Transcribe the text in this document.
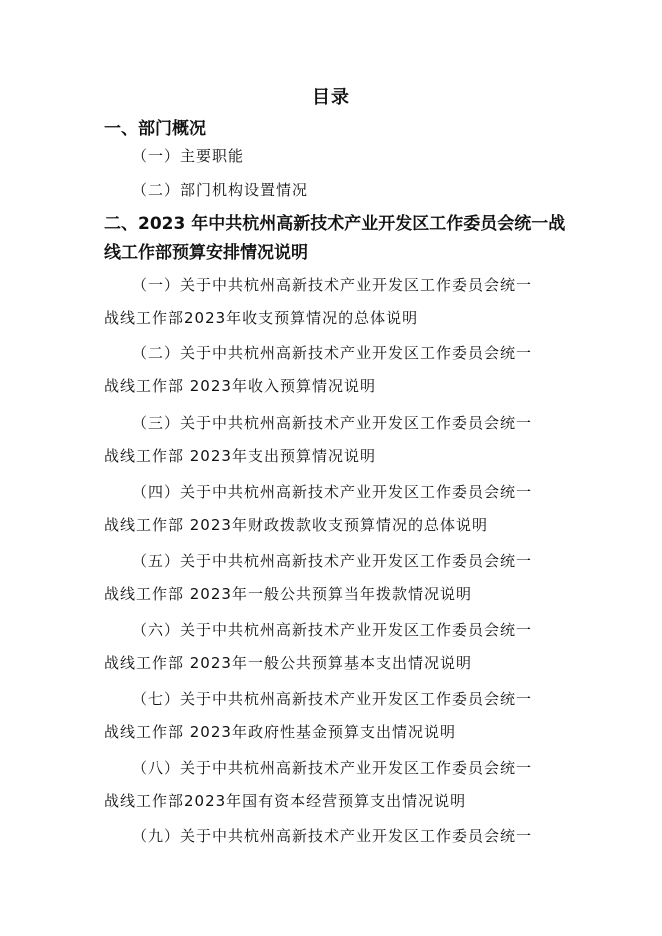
目录
一、部门概况
（一）主要职能
（二）部门机构设置情况
二、2023 年中共杭州高新技术产业开发区工作委员会统一战
线工作部预算安排情况说明
（一）关于中共杭州高新技术产业开发区工作委员会统一
战线工作部2023年收支预算情况的总体说明
（二）关于中共杭州高新技术产业开发区工作委员会统一
战线工作部 2023年收入预算情况说明
（三）关于中共杭州高新技术产业开发区工作委员会统一
战线工作部 2023年支出预算情况说明
（四）关于中共杭州高新技术产业开发区工作委员会统一
战线工作部 2023年财政拨款收支预算情况的总体说明
（五）关于中共杭州高新技术产业开发区工作委员会统一
战线工作部 2023年一般公共预算当年拨款情况说明
（六）关于中共杭州高新技术产业开发区工作委员会统一
战线工作部 2023年一般公共预算基本支出情况说明
（七）关于中共杭州高新技术产业开发区工作委员会统一
战线工作部 2023年政府性基金预算支出情况说明
（八）关于中共杭州高新技术产业开发区工作委员会统一
战线工作部2023年国有资本经营预算支出情况说明
（九）关于中共杭州高新技术产业开发区工作委员会统一
